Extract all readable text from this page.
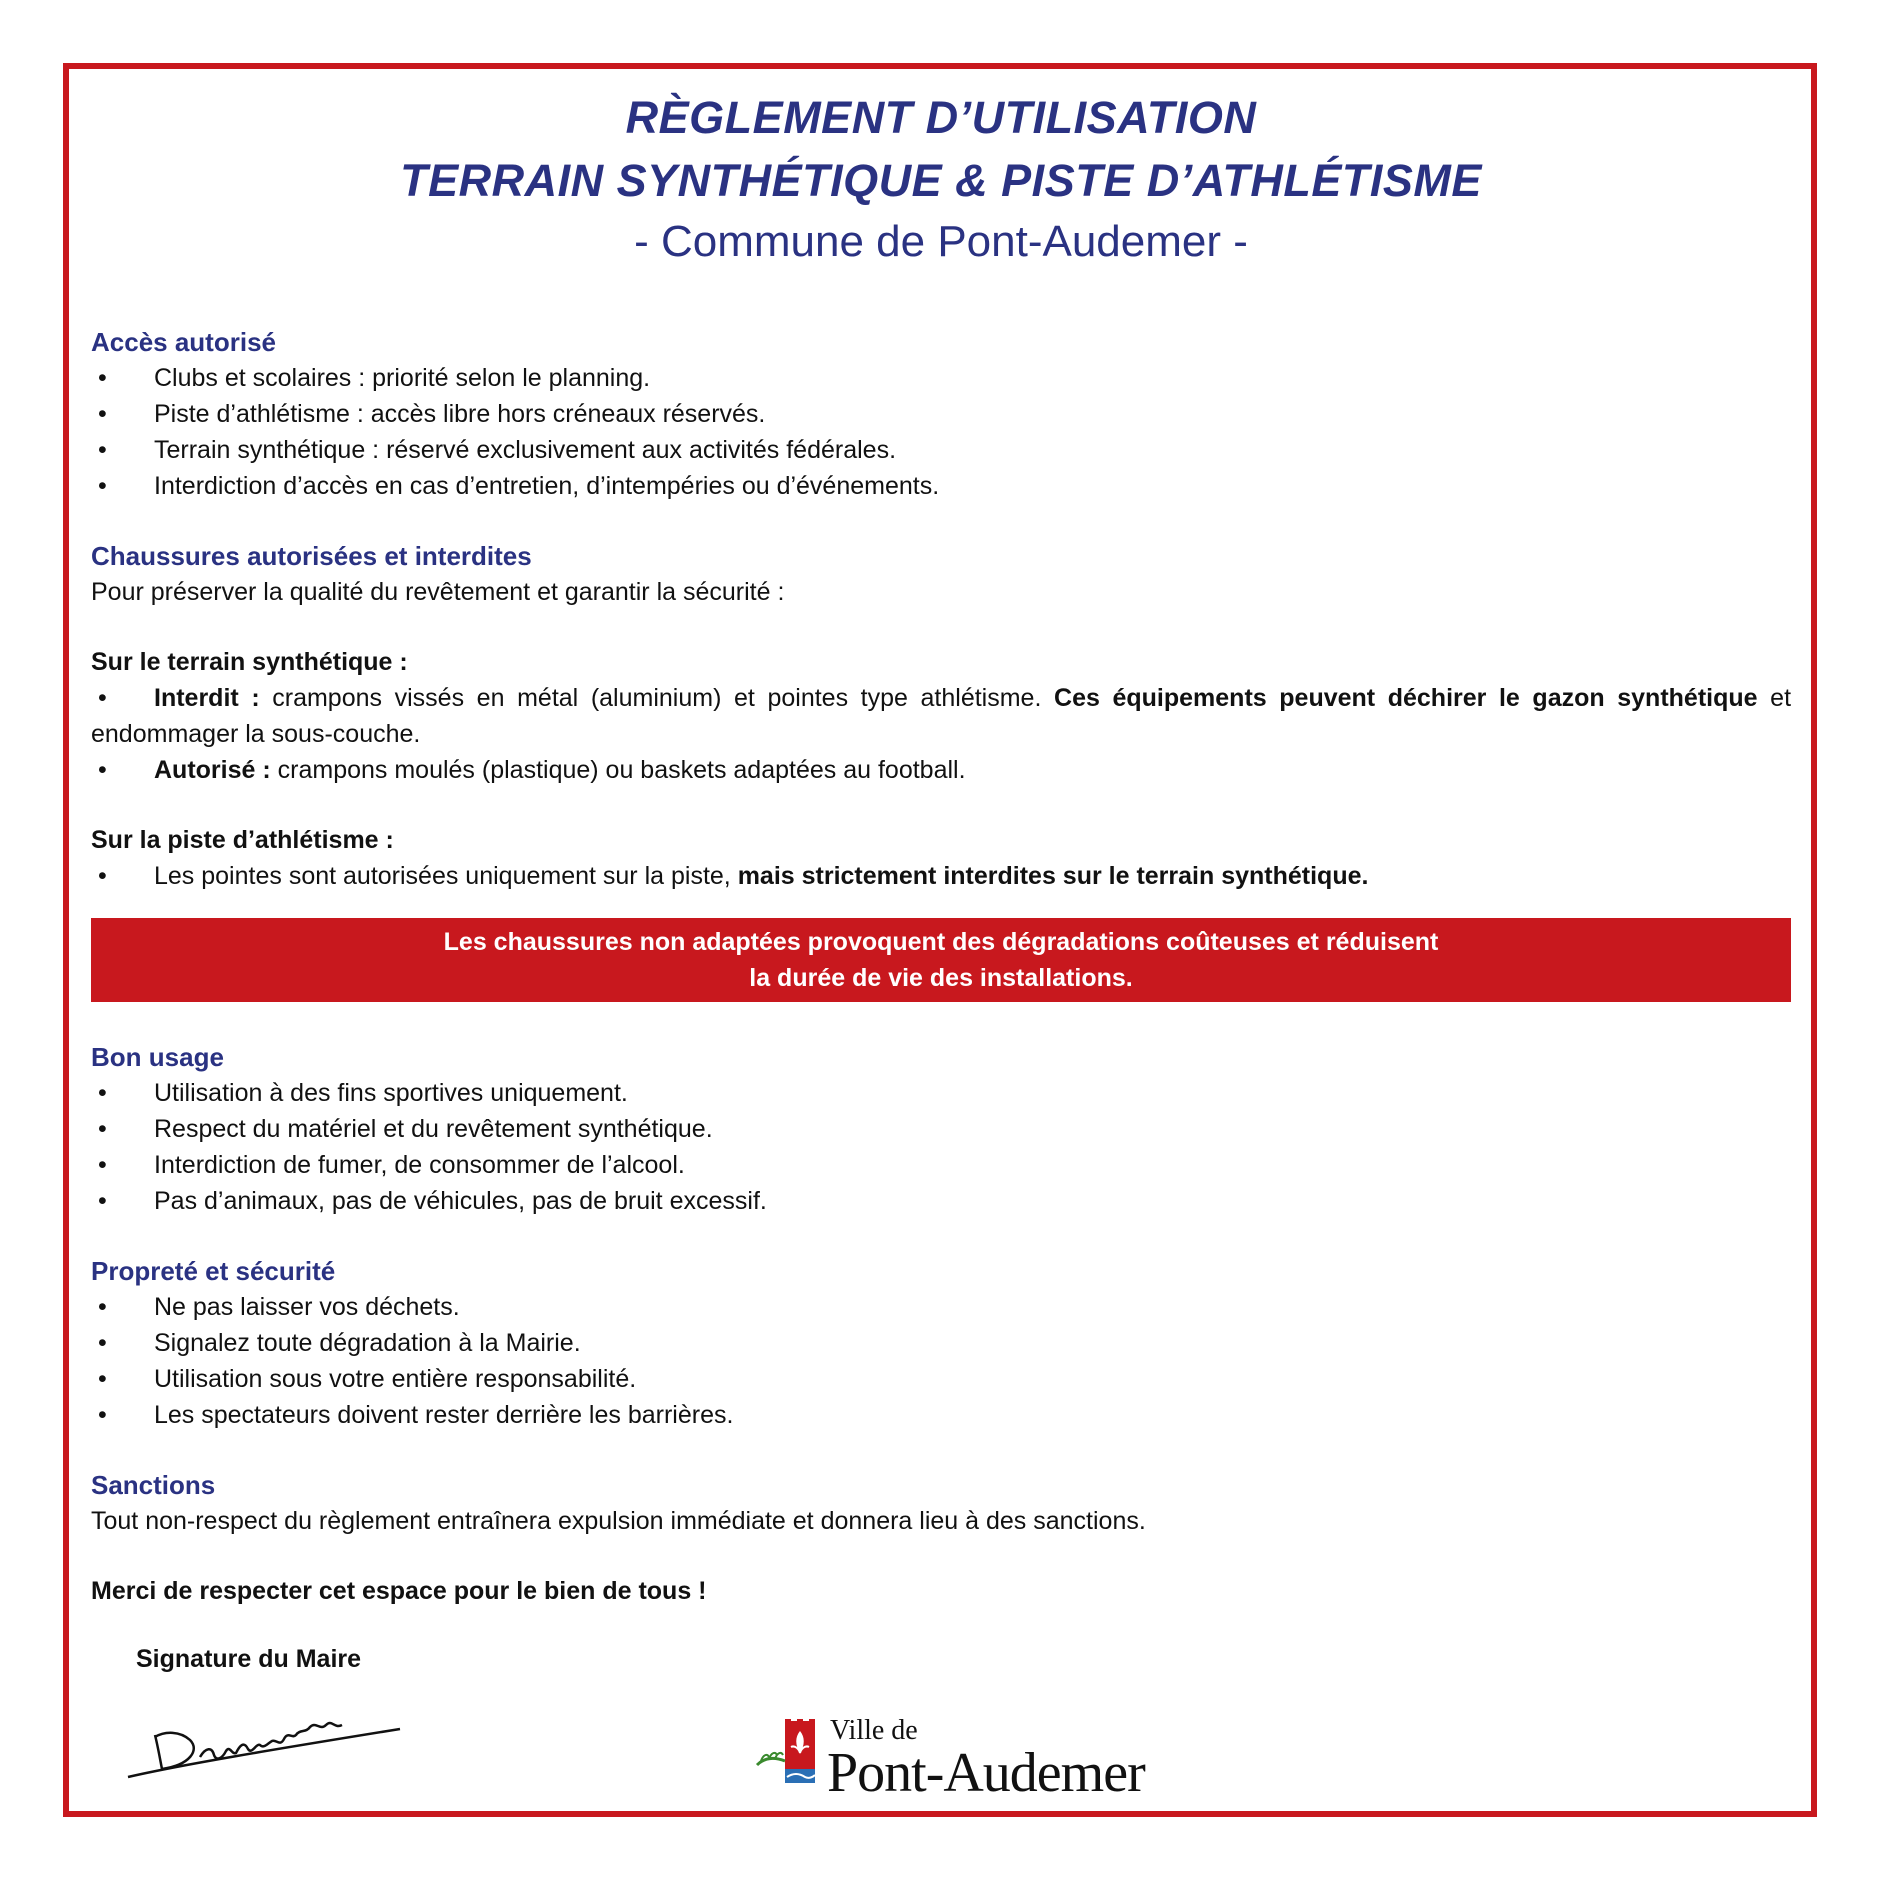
RÈGLEMENT D’UTILISATION

TERRAIN SYNTHÉTIQUE & PISTE D’ATHLÉTISME

- Commune de Pont-Audemer -

Accès autorisé

• Clubs et scolaires : priorité selon le planning.
• Piste d’athlétisme : accès libre hors créneaux réservés.
• Terrain synthétique : réservé exclusivement aux activités fédérales.
• Interdiction d’accès en cas d’entretien, d’intempéries ou d’événements.

Chaussures autorisées et interdites

Pour préserver la qualité du revêtement et garantir la sécurité :

Sur le terrain synthétique :

• Interdit : crampons vissés en métal (aluminium) et pointes type athlétisme. Ces équipements peuvent déchirer le gazon synthétique et endommager la sous-couche.

• Autorisé : crampons moulés (plastique) ou baskets adaptées au football.

Sur la piste d’athlétisme :

• Les pointes sont autorisées uniquement sur la piste, mais strictement interdites sur le terrain synthétique.
Les chaussures non adaptées provoquent des dégradations coûteuses et réduisent
la durée de vie des installations.

Bon usage

• Utilisation à des fins sportives uniquement.
• Respect du matériel et du revêtement synthétique.
• Interdiction de fumer, de consommer de l’alcool.
• Pas d’animaux, pas de véhicules, pas de bruit excessif.

Propreté et sécurité

• Ne pas laisser vos déchets.
• Signalez toute dégradation à la Mairie.
• Utilisation sous votre entière responsabilité.
• Les spectateurs doivent rester derrière les barrières.

Sanctions

Tout non-respect du règlement entraînera expulsion immédiate et donnera lieu à des sanctions.

Merci de respecter cet espace pour le bien de tous !

Signature du Maire

Ville de
Pont-Audemer
